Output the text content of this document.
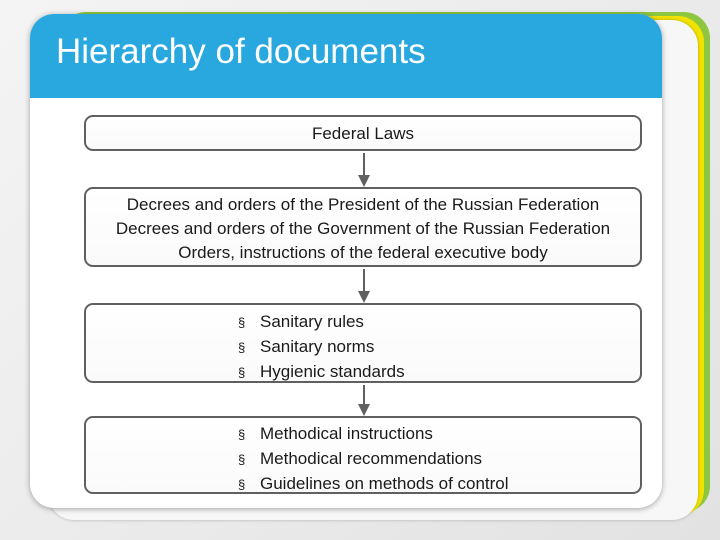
Hierarchy of documents
Federal Laws
Decrees and orders of the President of the Russian Federation
Decrees and orders of the Government of the Russian Federation
Orders, instructions of the federal executive body
§ Sanitary rules
§ Sanitary norms
§ Hygienic standards
§ Methodical instructions
§ Methodical recommendations
§ Guidelines on methods of control
